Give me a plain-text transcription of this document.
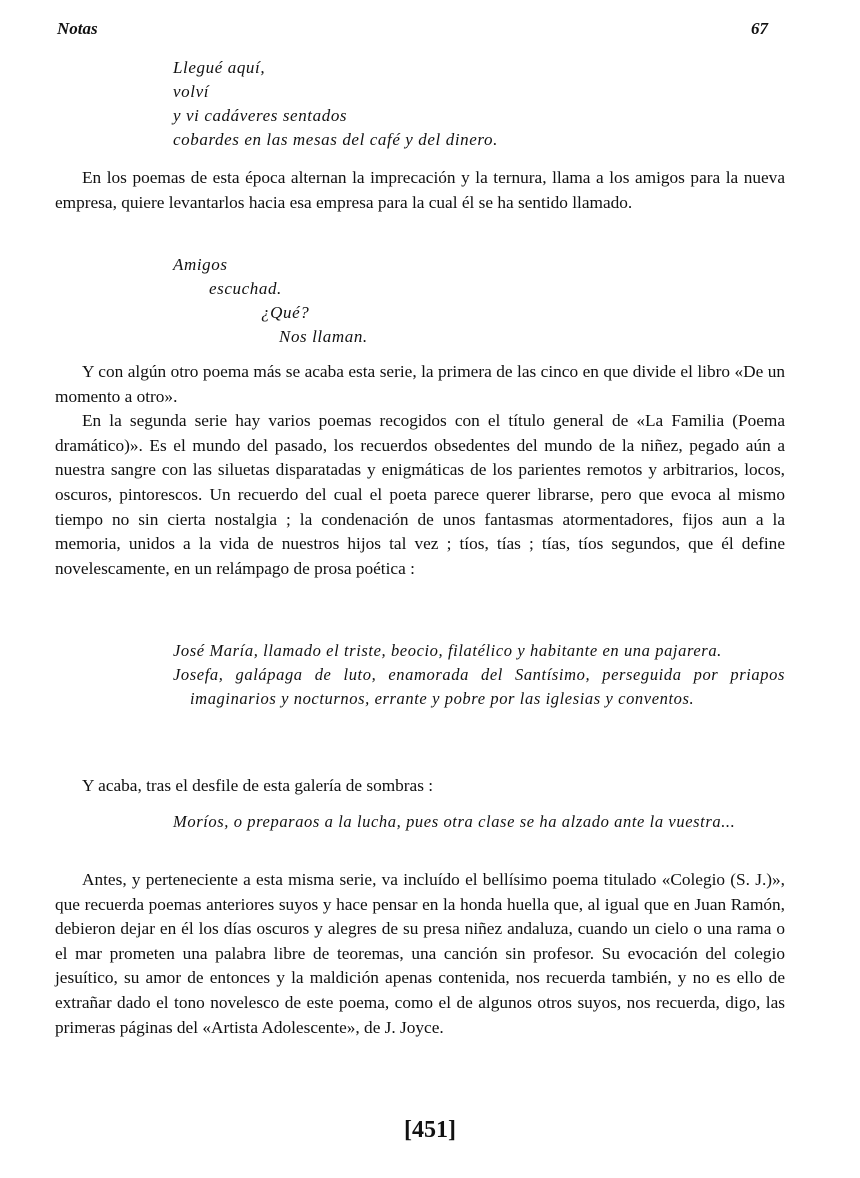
Notas	67
Llegué aquí,
volví
y vi cadáveres sentados
cobardes en las mesas del café y del dinero.

En los poemas de esta época alternan la imprecación y la ternura, llama a los amigos para la nueva empresa, quiere levantarlos hacia esa empresa para la cual él se ha sentido llamado.

Amigos
escuchad.
¿Qué?
Nos llaman.

Y con algún otro poema más se acaba esta serie, la primera de las cinco en que divide el libro «De un momento a otro».

En la segunda serie hay varios poemas recogidos con el título general de «La Familia (Poema dramático)». Es el mundo del pasado, los recuerdos obsedentes del mundo de la niñez, pegado aún a nuestra sangre con las siluetas disparatadas y enigmáticas de los parientes remotos y arbitrarios, locos, oscuros, pintorescos. Un recuerdo del cual el poeta parece querer librarse, pero que evoca al mismo tiempo no sin cierta nostalgia ; la condenación de unos fantasmas atormentadores, fijos aun a la memoria, unidos a la vida de nuestros hijos tal vez ; tíos, tías ; tías, tíos segundos, que él define novelescamente, en un relámpago de prosa poética :

José María, llamado el triste, beocio, filatélico y habitante en una pajarera.

Josefa, galápaga de luto, enamorada del Santísimo, perseguida por priapos imaginarios y nocturnos, errante y pobre por las iglesias y conventos.

Y acaba, tras el desfile de esta galería de sombras :

Moríos, o preparaos a la lucha, pues otra clase se ha alzado ante la vuestra...

Antes, y perteneciente a esta misma serie, va incluído el bellísimo poema titulado «Colegio (S. J.)», que recuerda poemas anteriores suyos y hace pensar en la honda huella que, al igual que en Juan Ramón, debieron dejar en él los días oscuros y alegres de su presa niñez andaluza, cuando un cielo o una rama o el mar prometen una palabra libre de teoremas, una canción sin profesor. Su evocación del colegio jesuítico, su amor de entonces y la maldición apenas contenida, nos recuerda también, y no es ello de extrañar dado el tono novelesco de este poema, como el de algunos otros suyos, nos recuerda, digo, las primeras páginas del «Artista Adolescente», de J. Joyce.

[451]
